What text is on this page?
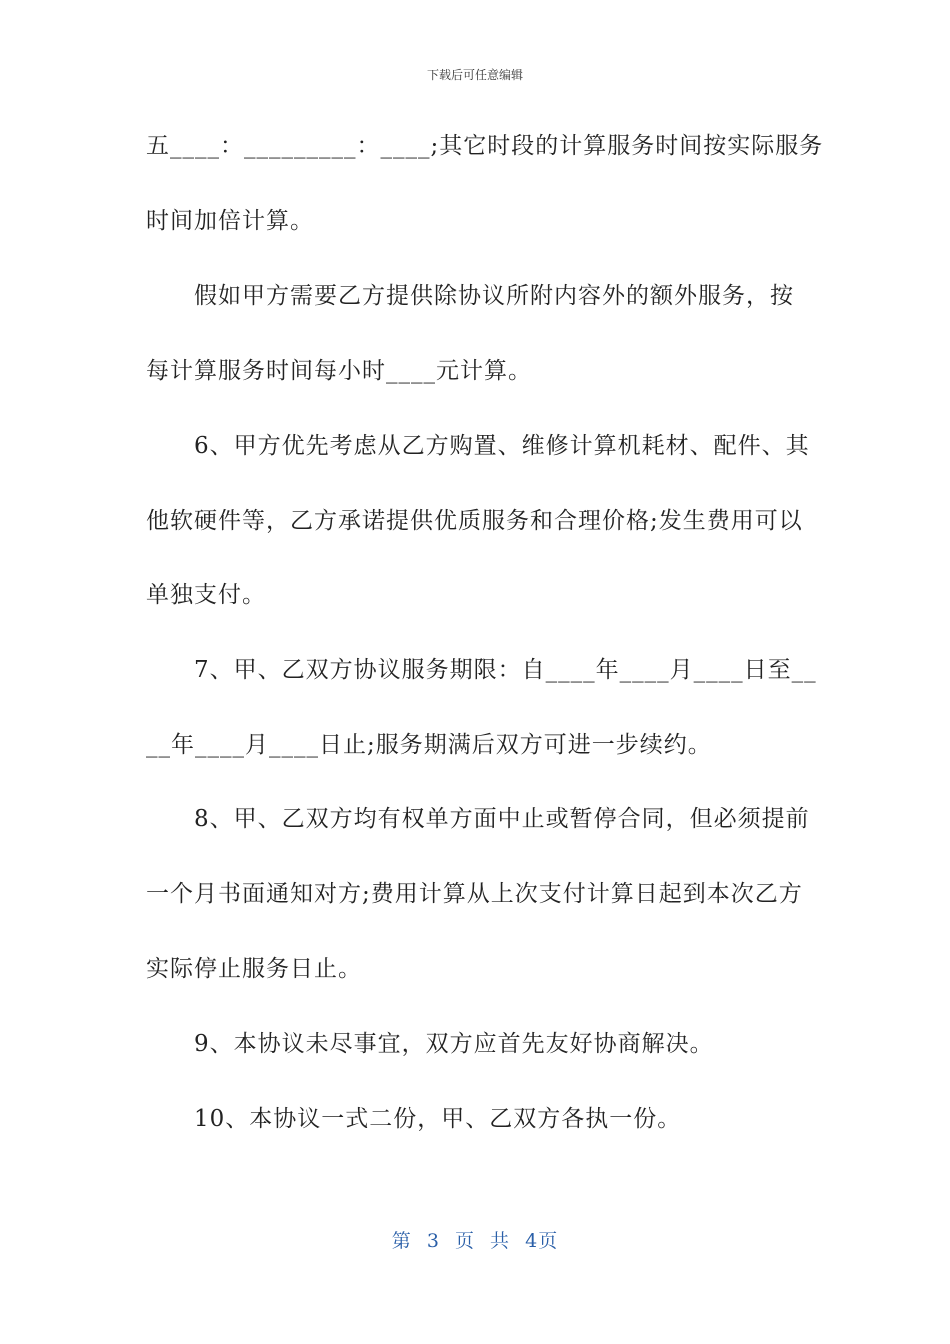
下载后可任意编辑
五____：_________：____;其它时段的计算服务时间按实际服务
时间加倍计算。
　　假如甲方需要乙方提供除协议所附内容外的额外服务，按
每计算服务时间每小时____元计算。
　　6、甲方优先考虑从乙方购置、维修计算机耗材、配件、其
他软硬件等，乙方承诺提供优质服务和合理价格;发生费用可以
单独支付。
　　7、甲、乙双方协议服务期限：自____年____月____日至__
__年____月____日止;服务期满后双方可进一步续约。
　　8、甲、乙双方均有权单方面中止或暂停合同，但必须提前
一个月书面通知对方;费用计算从上次支付计算日起到本次乙方
实际停止服务日止。
　　9、本协议未尽事宜，双方应首先友好协商解决。
　　10、本协议一式二份，甲、乙双方各执一份。
第 3 页 共 4页
